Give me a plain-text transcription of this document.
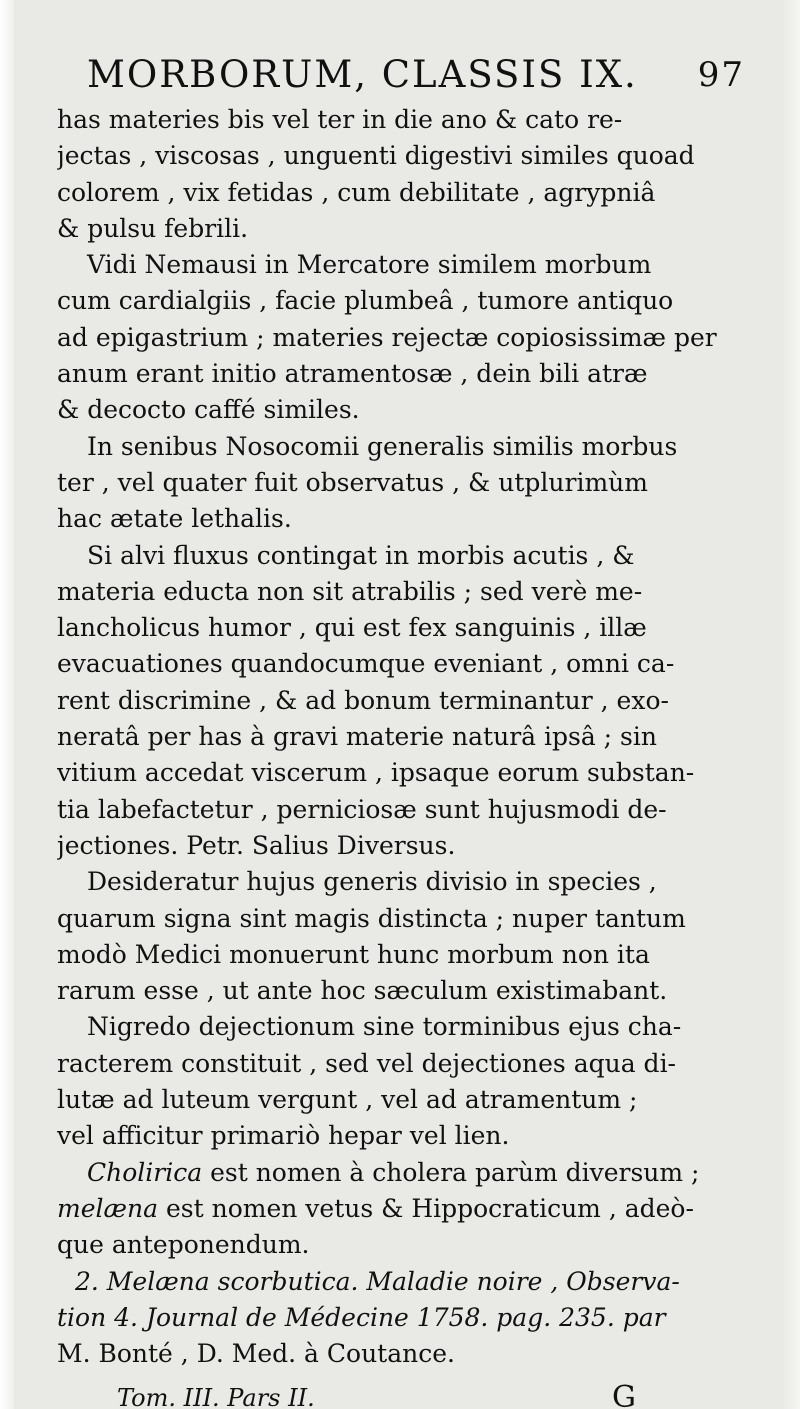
MORBORUM, CLASSIS IX. 97
has materies bis vel ter in die ano & cato re-
jectas , viscosas , unguenti digestivi similes quoad
colorem , vix fetidas , cum debilitate , agrypniâ
& pulsu febrili.
Vidi Nemausi in Mercatore similem morbum
cum cardialgiis , facie plumbeâ , tumore antiquo
ad epigastrium ; materies rejectæ copiosissimæ per
anum erant initio atramentosæ , dein bili atræ
& decocto caffé similes.
In senibus Nosocomii generalis similis morbus
ter , vel quater fuit observatus , & utplurimùm
hac ætate lethalis.
Si alvi fluxus contingat in morbis acutis , &
materia educta non sit atrabilis ; sed verè me-
lancholicus humor , qui est fex sanguinis , illæ
evacuationes quandocumque eveniant , omni ca-
rent discrimine , & ad bonum terminantur , exo-
neratâ per has à gravi materie naturâ ipsâ ; sin
vitium accedat viscerum , ipsaque eorum substan-
tia labefactetur , perniciosæ sunt hujusmodi de-
jectiones. Petr. Salius Diversus.
Desideratur hujus generis divisio in species ,
quarum signa sint magis distincta ; nuper tantum
modò Medici monuerunt hunc morbum non ita
rarum esse , ut ante hoc sæculum existimabant.
Nigredo dejectionum sine torminibus ejus cha-
racterem constituit , sed vel dejectiones aqua di-
lutæ ad luteum vergunt , vel ad atramentum ;
vel afficitur primariò hepar vel lien.
Cholirica est nomen à cholera parùm diversum ;
melæna est nomen vetus & Hippocraticum , adeò-
que anteponendum.
2. Melæna scorbutica. Maladie noire , Observa-
tion 4. Journal de Médecine 1758. pag. 235. par
M. Bonté , D. Med. à Coutance.
Tom. III. Pars II.	G
